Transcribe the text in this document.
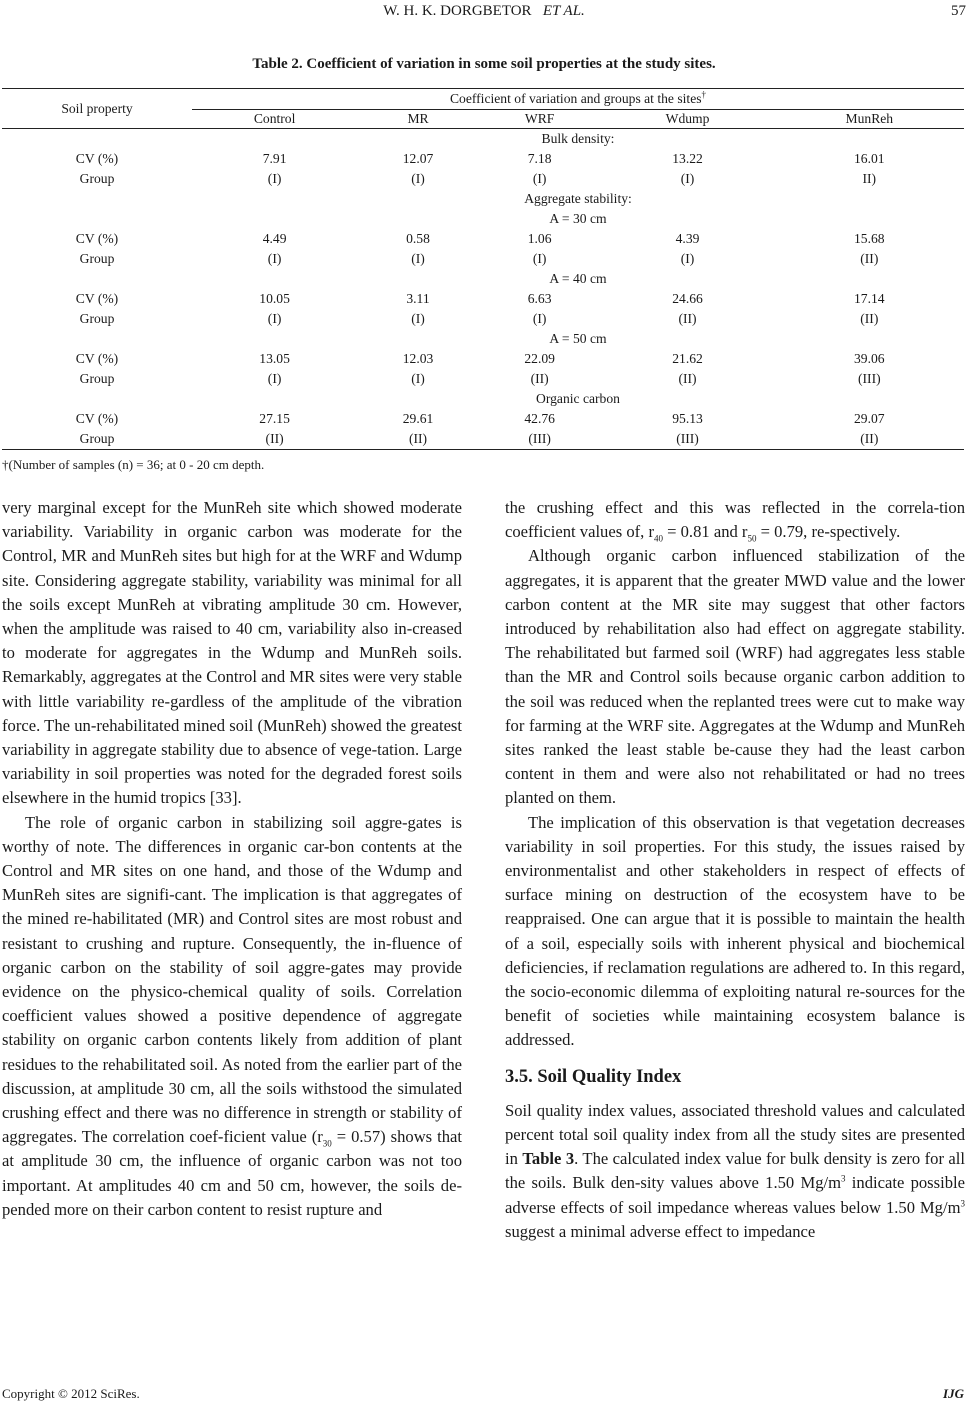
W. H. K. DORGBETOR ET AL.	57
Table 2. Coefficient of variation in some soil properties at the study sites.
Soil property	Coefficient of variation and groups at the sites†
	Control	MR	WRF	Wdump	MunReh
	Bulk density:				
CV (%)	7.91	12.07	7.18	13.22	16.01
Group	(I)	(I)	(I)	(I)	II)
	Aggregate stability:				
	A = 30 cm				
CV (%)	4.49	0.58	1.06	4.39	15.68
Group	(I)	(I)	(I)	(I)	(II)
	A = 40 cm				
CV (%)	10.05	3.11	6.63	24.66	17.14
Group	(I)	(I)	(I)	(II)	(II)
	A = 50 cm				
CV (%)	13.05	12.03	22.09	21.62	39.06
Group	(I)	(I)	(II)	(II)	(III)
	Organic carbon				
CV (%)	27.15	29.61	42.76	95.13	29.07
Group	(II)	(II)	(III)	(III)	(II)
†(Number of samples (n) = 36; at 0 - 20 cm depth.

very marginal except for the MunReh site which showed moderate variability. Variability in organic carbon was moderate for the Control, MR and MunReh sites but high for at the WRF and Wdump site. Considering aggregate stability, variability was minimal for all the soils except MunReh at vibrating amplitude 30 cm. However, when the amplitude was raised to 40 cm, variability also in-creased to moderate for aggregates in the Wdump and MunReh soils. Remarkably, aggregates at the Control and MR sites were very stable with little variability re-gardless of the amplitude of the vibration force. The un-rehabilitated mined soil (MunReh) showed the greatest variability in aggregate stability due to absence of vege-tation. Large variability in soil properties was noted for the degraded forest soils elsewhere in the humid tropics [33].

The role of organic carbon in stabilizing soil aggre-gates is worthy of note. The differences in organic car-bon contents at the Control and MR sites on one hand, and those of the Wdump and MunReh sites are signifi-cant. The implication is that aggregates of the mined re-habilitated (MR) and Control sites are most robust and resistant to crushing and rupture. Consequently, the in-fluence of organic carbon on the stability of soil aggre-gates may provide evidence on the physico-chemical quality of soils. Correlation coefficient values showed a positive dependence of aggregate stability on organic carbon contents likely from addition of plant residues to the rehabilitated soil. As noted from the earlier part of the discussion, at amplitude 30 cm, all the soils withstood the simulated crushing effect and there was no difference in strength or stability of aggregates. The correlation coef-ficient value $(r_{30} = 0.57)$ shows that at amplitude 30 cm, the influence of organic carbon was not too important. At amplitudes 40 cm and 50 cm, however, the soils de-pended more on their carbon content to resist rupture and

the crushing effect and this was reflected in the correla-tion coefficient values of, $r_{40} = 0.81$ and $r_{50} = 0.79$, re-spectively.

Although organic carbon influenced stabilization of the aggregates, it is apparent that the greater MWD value and the lower carbon content at the MR site may suggest that other factors introduced by rehabilitation also had effect on aggregate stability. The rehabilitated but farmed soil (WRF) had aggregates less stable than the MR and Control soils because organic carbon addition to the soil was reduced when the replanted trees were cut to make way for farming at the WRF site. Aggregates at the Wdump and MunReh sites ranked the least stable be-cause they had the least carbon content in them and were also not rehabilitated or had no trees planted on them.

The implication of this observation is that vegetation decreases variability in soil properties. For this study, the issues raised by environmentalist and other stakeholders in respect of effects of surface mining on destruction of the ecosystem have to be reappraised. One can argue that it is possible to maintain the health of a soil, especially soils with inherent physical and biochemical deficiencies, if reclamation regulations are adhered to. In this regard, the socio-economic dilemma of exploiting natural re-sources for the benefit of societies while maintaining ecosystem balance is addressed.

3.5. Soil Quality Index

Soil quality index values, associated threshold values and calculated percent total soil quality index from all the study sites are presented in Table 3. The calculated index value for bulk density is zero for all the soils. Bulk den-sity values above 1.50 $Mg/m^3$ indicate possible adverse effects of soil impedance whereas values below 1.50 $Mg/m^3$ suggest a minimal adverse effect to impedance

Copyright © 2012 SciRes.	IJG
